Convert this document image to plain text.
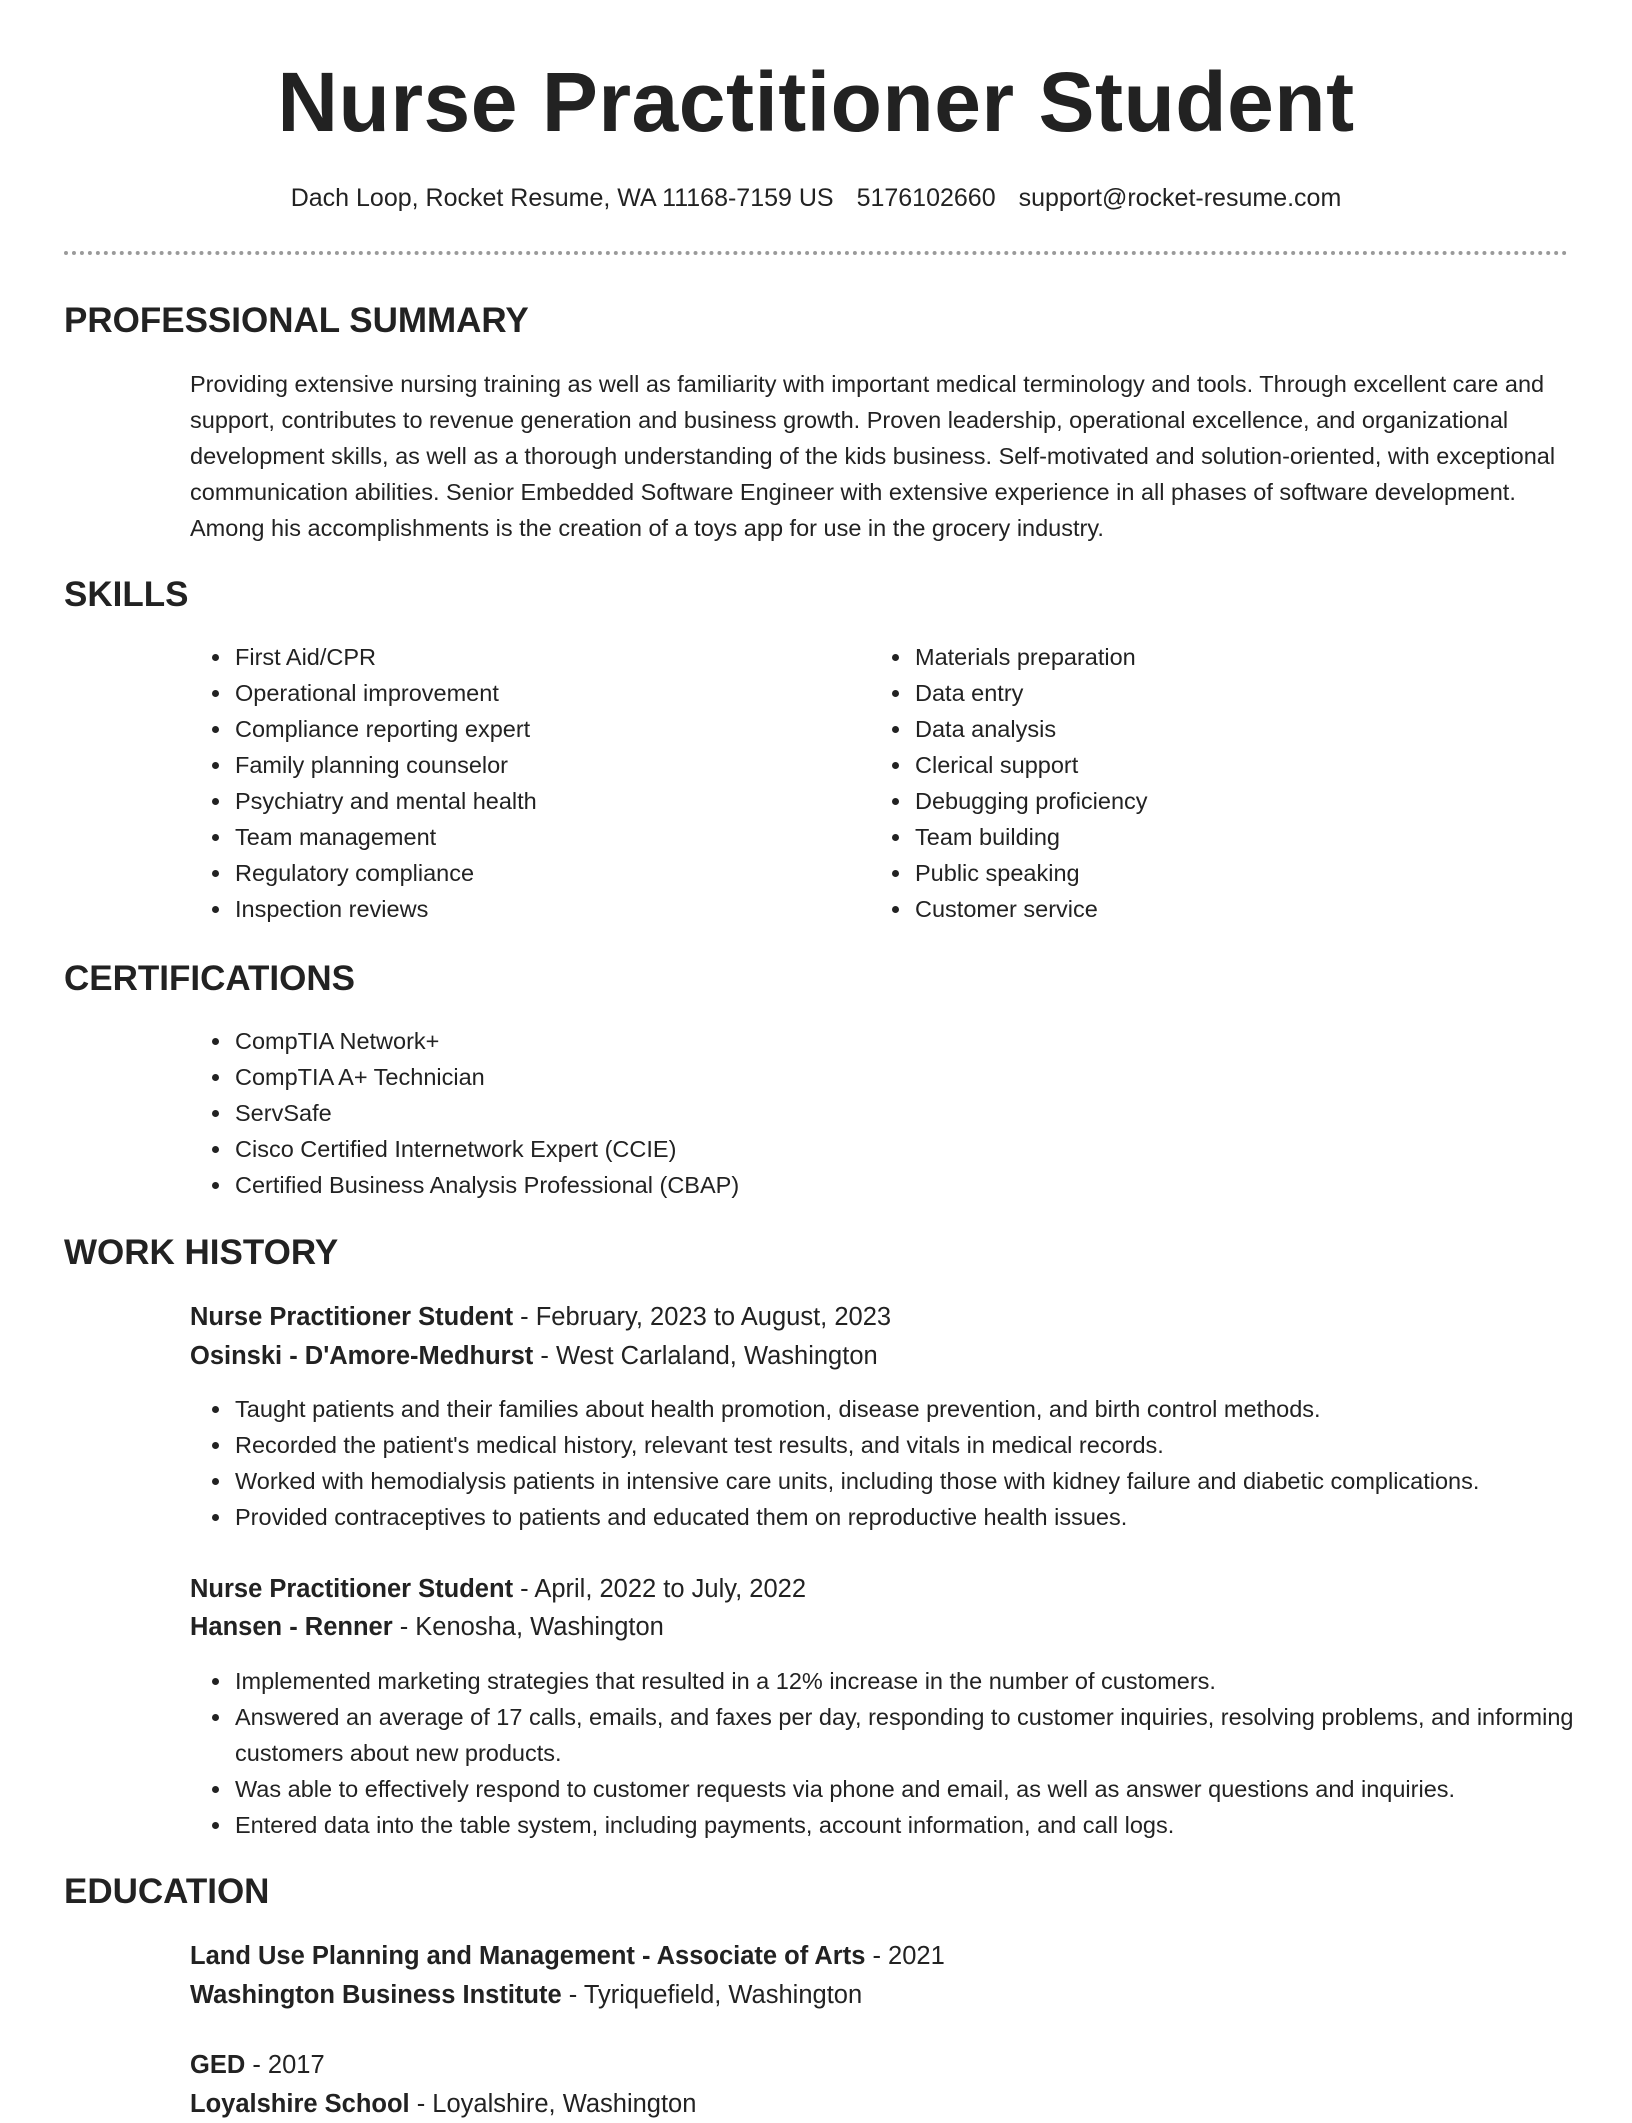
Nurse Practitioner Student
Dach Loop, Rocket Resume, WA 11168-7159 US 5176102660 support@rocket-resume.com
PROFESSIONAL SUMMARY
Providing extensive nursing training as well as familiarity with important medical terminology and tools. Through excellent care and support, contributes to revenue generation and business growth. Proven leadership, operational excellence, and organizational development skills, as well as a thorough understanding of the kids business. Self-motivated and solution-oriented, with exceptional communication abilities. Senior Embedded Software Engineer with extensive experience in all phases of software development. Among his accomplishments is the creation of a toys app for use in the grocery industry.
SKILLS
• First Aid/CPR
• Operational improvement
• Compliance reporting expert
• Family planning counselor
• Psychiatry and mental health
• Team management
• Regulatory compliance
• Inspection reviews
• Materials preparation
• Data entry
• Data analysis
• Clerical support
• Debugging proficiency
• Team building
• Public speaking
• Customer service
CERTIFICATIONS
• CompTIA Network+
• CompTIA A+ Technician
• ServSafe
• Cisco Certified Internetwork Expert (CCIE)
• Certified Business Analysis Professional (CBAP)
WORK HISTORY
Nurse Practitioner Student - February, 2023 to August, 2023
Osinski - D'Amore-Medhurst - West Carlaland, Washington
• Taught patients and their families about health promotion, disease prevention, and birth control methods.
• Recorded the patient's medical history, relevant test results, and vitals in medical records.
• Worked with hemodialysis patients in intensive care units, including those with kidney failure and diabetic complications.
• Provided contraceptives to patients and educated them on reproductive health issues.
Nurse Practitioner Student - April, 2022 to July, 2022
Hansen - Renner - Kenosha, Washington
• Implemented marketing strategies that resulted in a 12% increase in the number of customers.
• Answered an average of 17 calls, emails, and faxes per day, responding to customer inquiries, resolving problems, and informing customers about new products.
• Was able to effectively respond to customer requests via phone and email, as well as answer questions and inquiries.
• Entered data into the table system, including payments, account information, and call logs.
EDUCATION
Land Use Planning and Management - Associate of Arts - 2021
Washington Business Institute - Tyriquefield, Washington
GED - 2017
Loyalshire School - Loyalshire, Washington
